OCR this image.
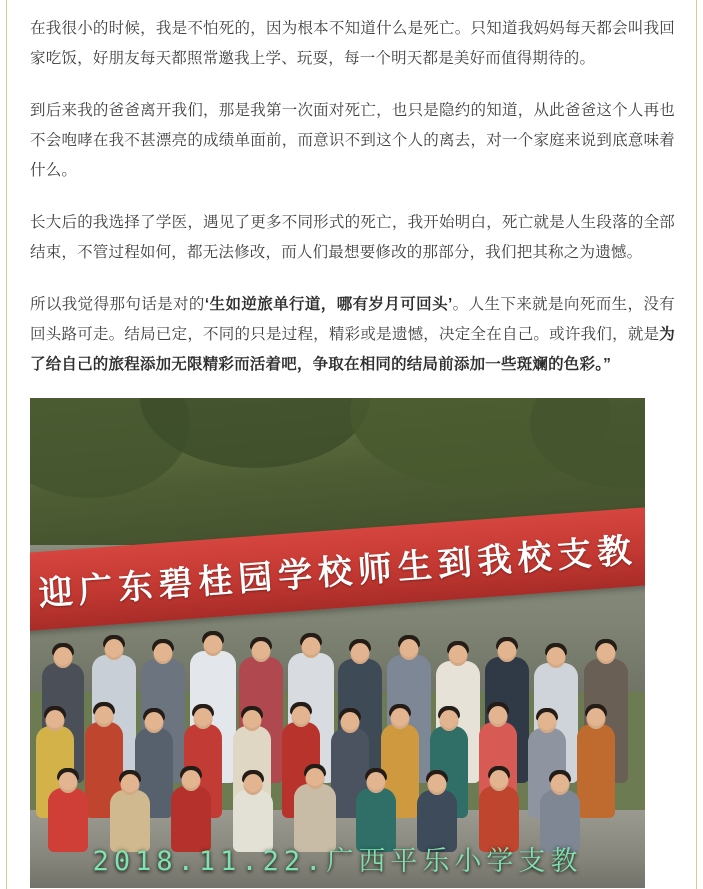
在我很小的时候，我是不怕死的，因为根本不知道什么是死亡。只知道我妈妈每天都会叫我回家吃饭，好朋友每天都照常邀我上学、玩耍，每一个明天都是美好而值得期待的。

到后来我的爸爸离开我们，那是我第一次面对死亡，也只是隐约的知道，从此爸爸这个人再也不会咆哮在我不甚漂亮的成绩单面前，而意识不到这个人的离去，对一个家庭来说到底意味着什么。

长大后的我选择了学医，遇见了更多不同形式的死亡，我开始明白，死亡就是人生段落的全部结束，不管过程如何，都无法修改，而人们最想要修改的那部分，我们把其称之为遗憾。

所以我觉得那句话是对的‘生如逆旅单行道，哪有岁月可回头’。人生下来就是向死而生，没有回头路可走。结局已定，不同的只是过程，精彩或是遗憾，决定全在自己。或许我们，就是为了给自己的旅程添加无限精彩而活着吧，争取在相同的结局前添加一些斑斓的色彩。”

迎广东碧桂园学校师生到我校支教
2018.11.22.广西平乐小学支教
